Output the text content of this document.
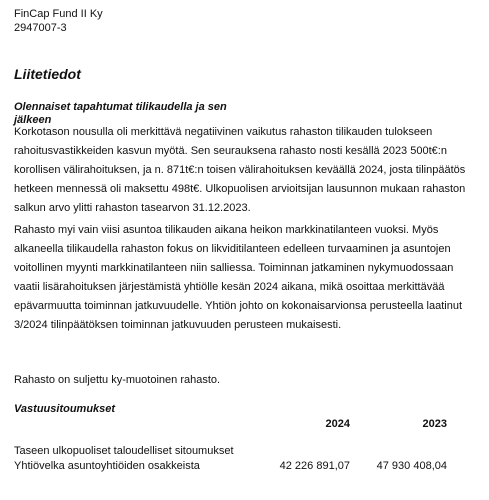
FinCap Fund II Ky
2947007-3
Liitetiedot
Olennaiset tapahtumat tilikaudella ja sen jälkeen

Korkotason nousulla oli merkittävä negatiivinen vaikutus rahaston tilikauden tulokseen rahoitusvastikkeiden kasvun myötä. Sen seurauksena rahasto nosti kesällä 2023 500t€:n korollisen välirahoituksen, ja n. 871t€:n toisen välirahoituksen keväällä 2024, josta tilinpäätös hetkeen mennessä oli maksettu 498t€. Ulkopuolisen arvioitsijan lausunnon mukaan rahaston salkun arvo ylitti rahaston tasearvon 31.12.2023.

Rahasto myi vain viisi asuntoa tilikauden aikana heikon markkinatilanteen vuoksi. Myös alkaneella tilikaudella rahaston fokus on likviditilanteen edelleen turvaaminen ja asuntojen voitollinen myynti markkinatilanteen niin salliessa. Toiminnan jatkaminen nykymuodossaan vaatii lisärahoituksen järjestämistä yhtiölle kesän 2024 aikana, mikä osoittaa merkittävää epävarmuutta toiminnan jatkuvuudelle. Yhtiön johto on kokonaisarvionsa perusteella laatinut 3/2024 tilinpäätöksen toiminnan jatkuvuuden perusteen mukaisesti.

Rahasto on suljettu ky-muotoinen rahasto.

Vastuusitoumukset
2024	2023
Taseen ulkopuoliset taloudelliset sitoumukset
Yhtiövelka asuntoyhtiöiden osakkeista	42 226 891,07 47 930 408,04
